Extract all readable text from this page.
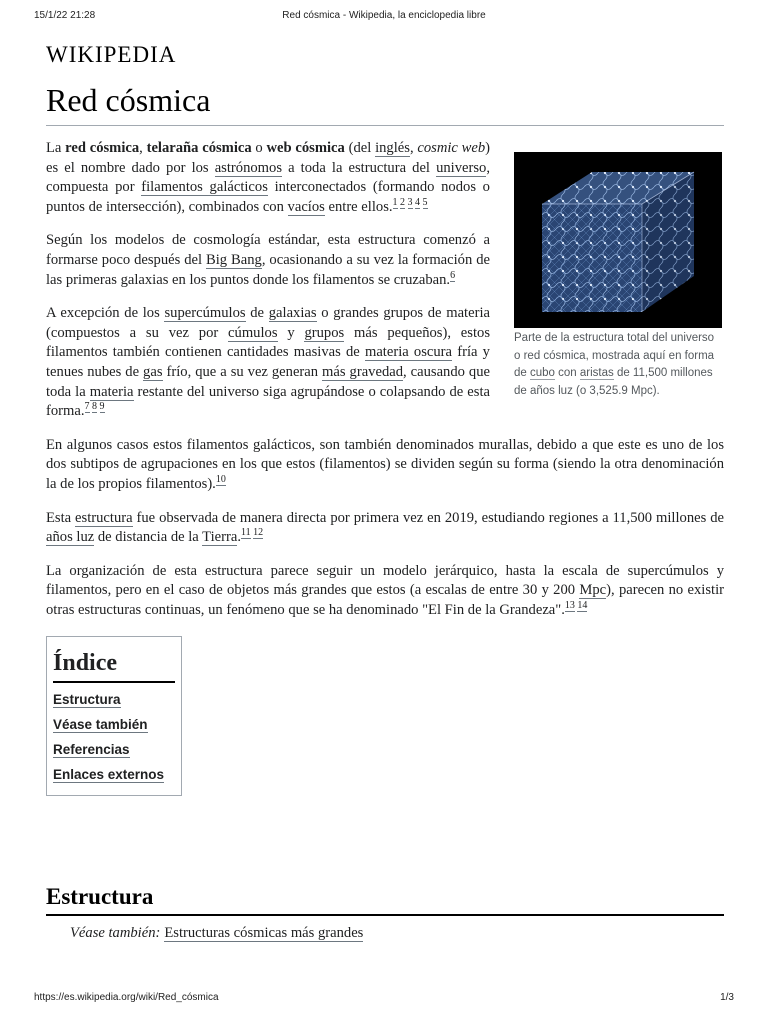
15/1/22 21:28	Red cósmica - Wikipedia, la enciclopedia libre
WIKIPEDIA
Red cósmica
Parte de la estructura total del universo o red cósmica, mostrada aquí en forma de cubo con aristas de 11,500 millones de años luz (o 3,525.9 Mpc).

La red cósmica, telaraña cósmica o web cósmica (del inglés, cosmic web) es el nombre dado por los astrónomos a toda la estructura del universo, compuesta por filamentos galácticos interconectados (formando nodos o puntos de intersección), combinados con vacíos entre ellos.$^{1 2 3 4 5}$

Según los modelos de cosmología estándar, esta estructura comenzó a formarse poco después del Big Bang, ocasionando a su vez la formación de las primeras galaxias en los puntos donde los filamentos se cruzaban.$^6$

A excepción de los supercúmulos de galaxias o grandes grupos de materia (compuestos a su vez por cúmulos y grupos más pequeños), estos filamentos también contienen cantidades masivas de materia oscura fría y tenues nubes de gas frío, que a su vez generan más gravedad, causando que toda la materia restante del universo siga agrupándose o colapsando de esta forma.$^{7 8 9}$

En algunos casos estos filamentos galácticos, son también denominados murallas, debido a que este es uno de los dos subtipos de agrupaciones en los que estos (filamentos) se dividen según su forma (siendo la otra denominación la de los propios filamentos).$^{10}$

Esta estructura fue observada de manera directa por primera vez en 2019, estudiando regiones a 11,500 millones de años luz de distancia de la Tierra.$^{11 12}$

La organización de esta estructura parece seguir un modelo jerárquico, hasta la escala de supercúmulos y filamentos, pero en el caso de objetos más grandes que estos (a escalas de entre 30 y 200 Mpc), parecen no existir otras estructuras continuas, un fenómeno que se ha denominado "El Fin de la Grandeza".$^{13 14}$

Índice
Estructura
Véase también
Referencias
Enlaces externos
Estructura
Véase también: Estructuras cósmicas más grandes
https://es.wikipedia.org/wiki/Red_cósmica	1/3
